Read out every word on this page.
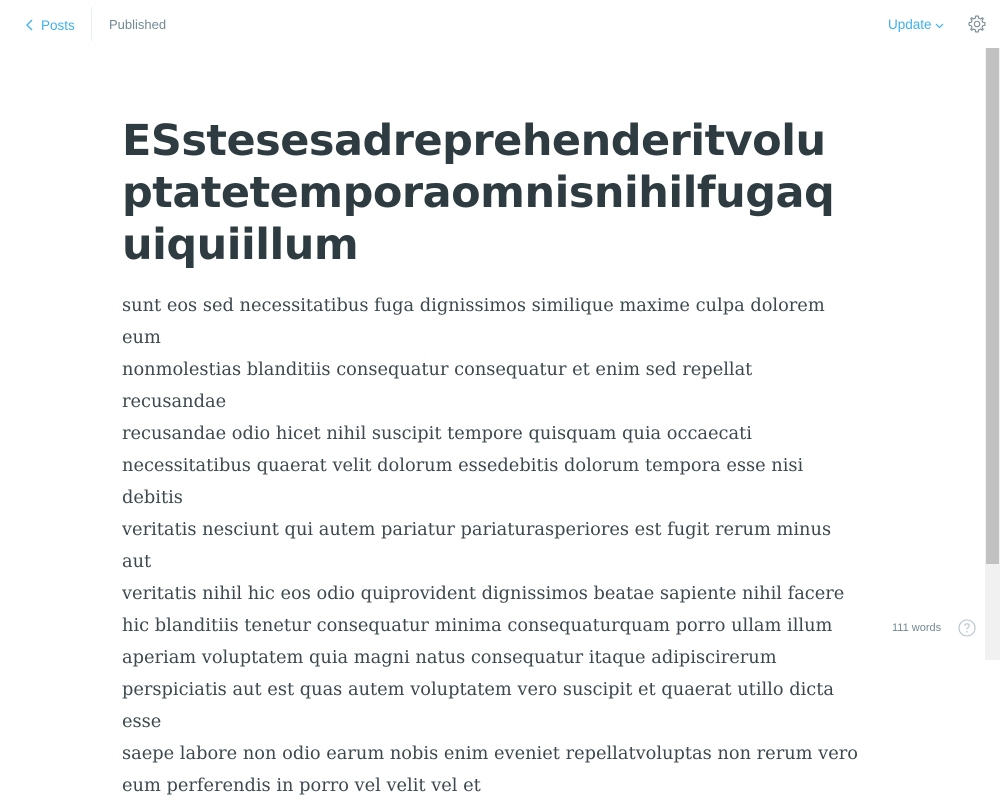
Posts	Published	Update
ESstesesadreprehenderitvoluptatetemporaomnisnihilfugaquiquiillum
sunt eos sed necessitatibus fuga dignissimos similique maxime culpa dolorem eum
nonmolestias blanditiis consequatur consequatur et enim sed repellat recusandae
recusandae odio hicet nihil suscipit tempore quisquam quia occaecati
necessitatibus quaerat velit dolorum essedebitis dolorum tempora esse nisi debitis
veritatis nesciunt qui autem pariatur pariaturasperiores est fugit rerum minus aut
veritatis nihil hic eos odio quiprovident dignissimos beatae sapiente nihil facere
hic blanditiis tenetur consequatur minima consequaturquam porro ullam illum
aperiam voluptatem quia magni natus consequatur itaque adipiscirerum
perspiciatis aut est quas autem voluptatem vero suscipit et quaerat utillo dicta esse
saepe labore non odio earum nobis enim eveniet repellatvoluptas non rerum vero
eum perferendis in porro vel velit vel et
111 words
